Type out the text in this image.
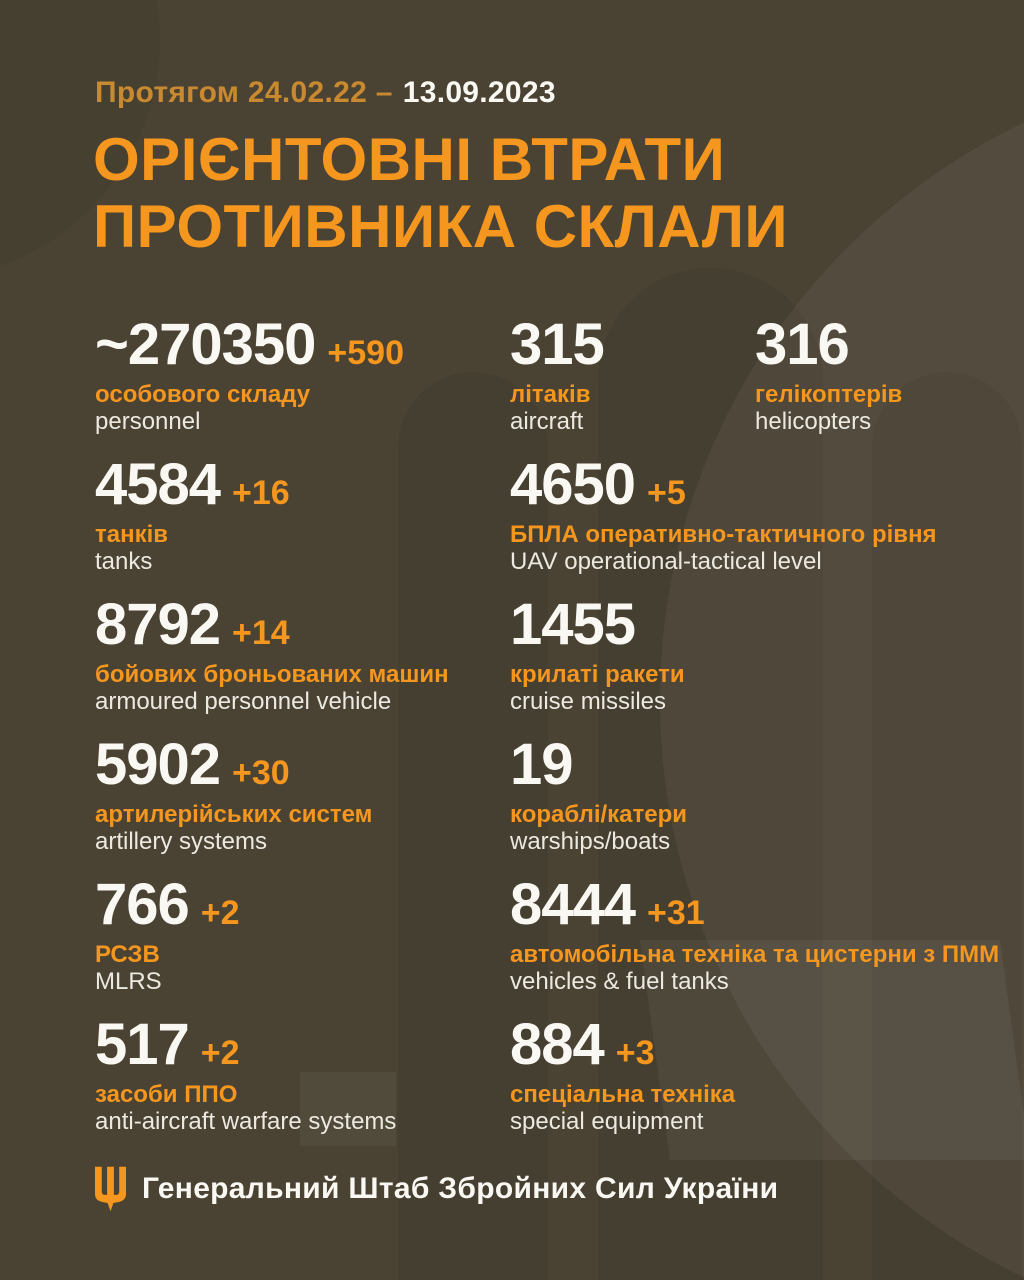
Протягом 24.02.22 – 13.09.2023
ОРІЄНТОВНІ ВТРАТИ
ПРОТИВНИКА СКЛАЛИ
~270350 +590
особового складу
personnel
315
літаків
aircraft
316
гелікоптерів
helicopters
4584 +16
танків
tanks
4650 +5
БПЛА оперативно-тактичного рівня
UAV operational-tactical level
8792 +14
бойових броньованих машин
armoured personnel vehicle
1455
крилаті ракети
cruise missiles
5902 +30
артилерійських систем
artillery systems
19
кораблі/катери
warships/boats
766 +2
РСЗВ
MLRS
8444 +31
автомобільна техніка та цистерни з ПММ
vehicles & fuel tanks
517 +2
засоби ППО
anti-aircraft warfare systems
884 +3
спеціальна техніка
special equipment
Генеральний Штаб Збройних Сил України
